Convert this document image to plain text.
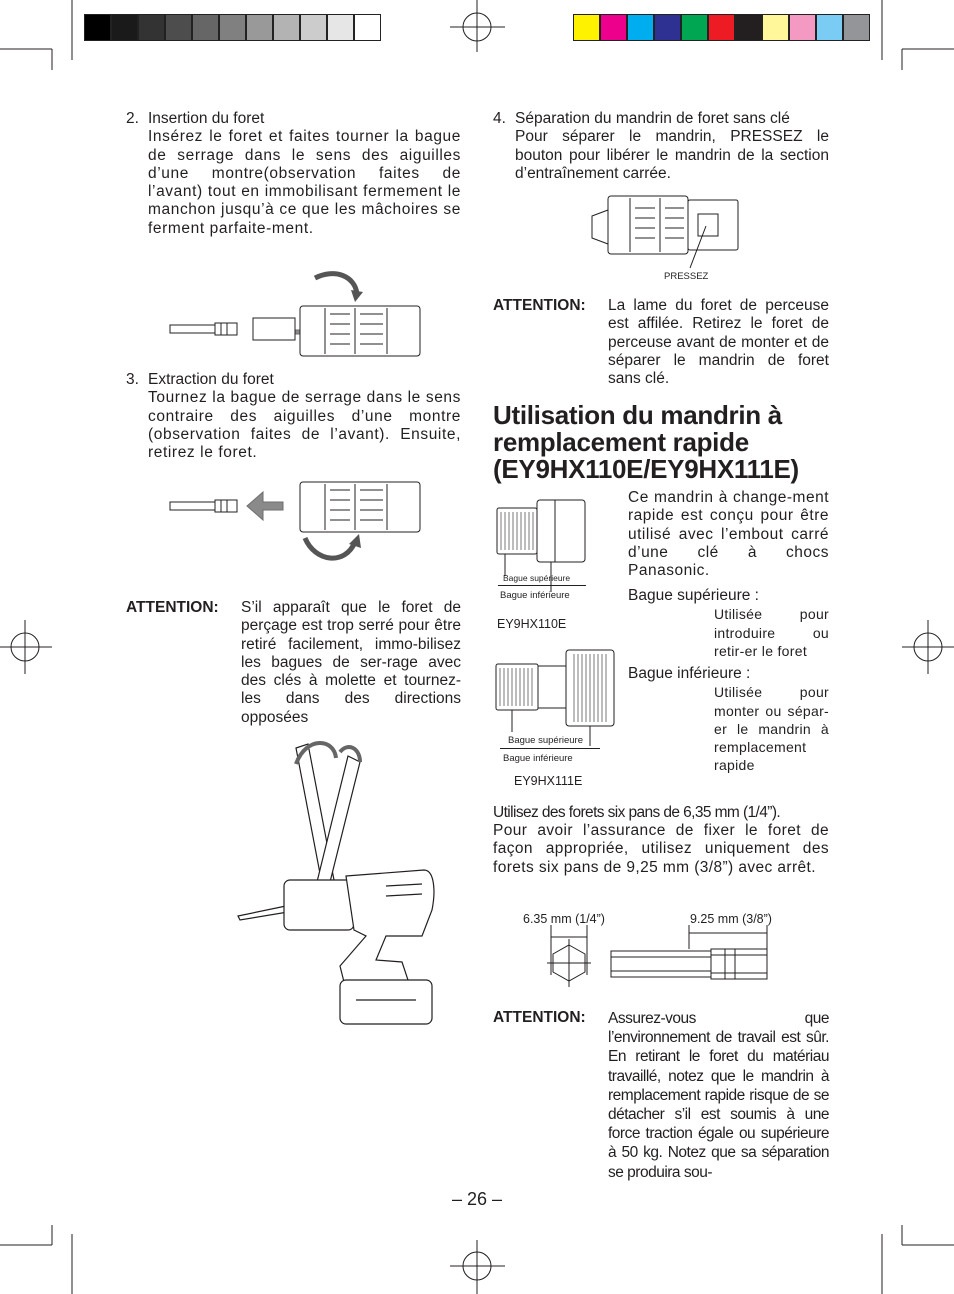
2. Insertion du foret
Insérez le foret et faites tourner la bague de serrage dans le sens des aiguilles d’une montre(observation faites de l’avant) tout en immobilisant fermement le manchon jusqu’à ce que les mâchoires se ferment parfaite-ment.
3. Extraction du foret
Tournez la bague de serrage dans le sens contraire des aiguilles d’une montre (observation faites de l’avant). Ensuite, retirez le foret.
ATTENTION: S’il apparaît que le foret de perçage est trop serré pour être retiré facilement, immo-bilisez les bagues de ser-rage avec des clés à molette et tournez-les dans des directions opposées
4. Séparation du mandrin de foret sans clé
Pour séparer le mandrin, PRESSEZ le bouton pour libérer le mandrin de la section d’entraînement carrée.
PRESSEZ
ATTENTION: La lame du foret de perceuse est affilée. Retirez le foret de perceuse avant de monter et de séparer le mandrin de foret sans clé.
Utilisation du mandrin à remplacement rapide (EY9HX110E/EY9HX111E)
Ce mandrin à change-ment rapide est conçu pour être utilisé avec l’embout carré d’une clé à chocs Panasonic.
Bague supérieure
Bague inférieure
EY9HX110E
Bague supérieure
Bague inférieure
EY9HX111E
Bague supérieure :
Utilisée pour introduire ou retir-er le foret
Bague inférieure :
Utilisée pour monter ou sépar-er le mandrin à remplacement rapide
Utilisez des forets six pans de 6,35 mm (1/4”).
Pour avoir l’assurance de fixer le foret de façon appropriée, utilisez uniquement des forets six pans de 9,25 mm (3/8”) avec arrêt.
6.35 mm (1/4”)	9.25 mm (3/8”)
ATTENTION: Assurez-vous que l’environnement de travail est sûr. En retirant le foret du matériau travaillé, notez que le mandrin à remplacement rapide risque de se détacher s’il est soumis à une force traction égale ou supérieure à 50 kg. Notez que sa séparation se produira sou-
– 26 –
